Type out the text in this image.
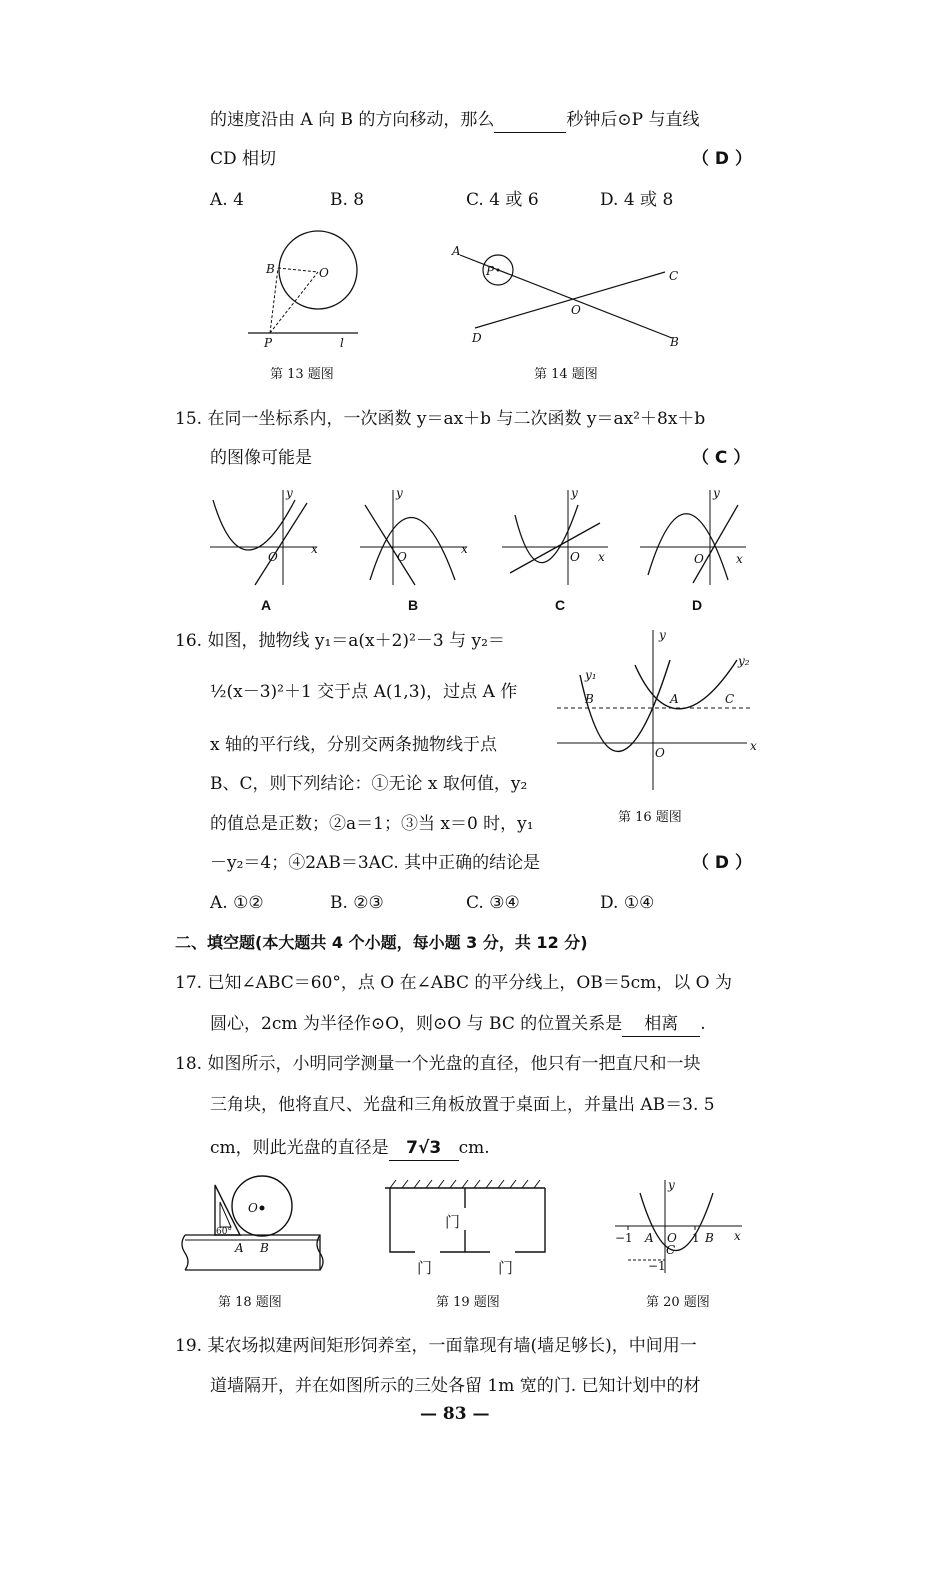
的速度沿由 A 向 B 的方向移动，那么	秒钟后⊙P 与直线
CD 相切	（ D ）
A. 4	B. 8	C. 4 或 6	D. 4 或 8
B	O
P	l
第 13 题图
A
P	C
O
D	B
第 14 题图
15. 在同一坐标系内，一次函数 y＝ax＋b 与二次函数 y＝ax²＋8x＋b
的图像可能是	（ C ）
x
y
O
A
x
y
O
B
x
y
O
C
x
y
O
D
16. 如图，抛物线 y₁＝a(x＋2)²－3 与 y₂＝
½(x－3)²＋1 交于点 A(1,3)，过点 A 作
x 轴的平行线，分别交两条抛物线于点
B、C，则下列结论：①无论 x 取何值，y₂
的值总是正数；②a＝1；③当 x＝0 时，y₁
－y₂＝4；④2AB＝3AC. 其中正确的结论是	（ D ）
A. ①②	B. ②③	C. ③④	D. ①④
x
y
y₁
y₂
B	A	C
O
第 16 题图
二、填空题(本大题共 4 个小题，每小题 3 分，共 12 分)
17. 已知∠ABC＝60°，点 O 在∠ABC 的平分线上，OB＝5cm，以 O 为
圆心，2cm 为半径作⊙O，则⊙O 与 BC 的位置关系是 相离 .
18. 如图所示，小明同学测量一个光盘的直径，他只有一把直尺和一块
三角块，他将直尺、光盘和三角板放置于桌面上，并量出 AB＝3. 5
cm，则此光盘的直径是 7√3 cm.
O
60°
A B
第 18 题图
门
门	门
第 19 题图
y
x
−1 A O 1 B
C
−1
第 20 题图
19. 某农场拟建两间矩形饲养室，一面靠现有墙(墙足够长)，中间用一
道墙隔开，并在如图所示的三处各留 1m 宽的门. 已知计划中的材
— 83 —
